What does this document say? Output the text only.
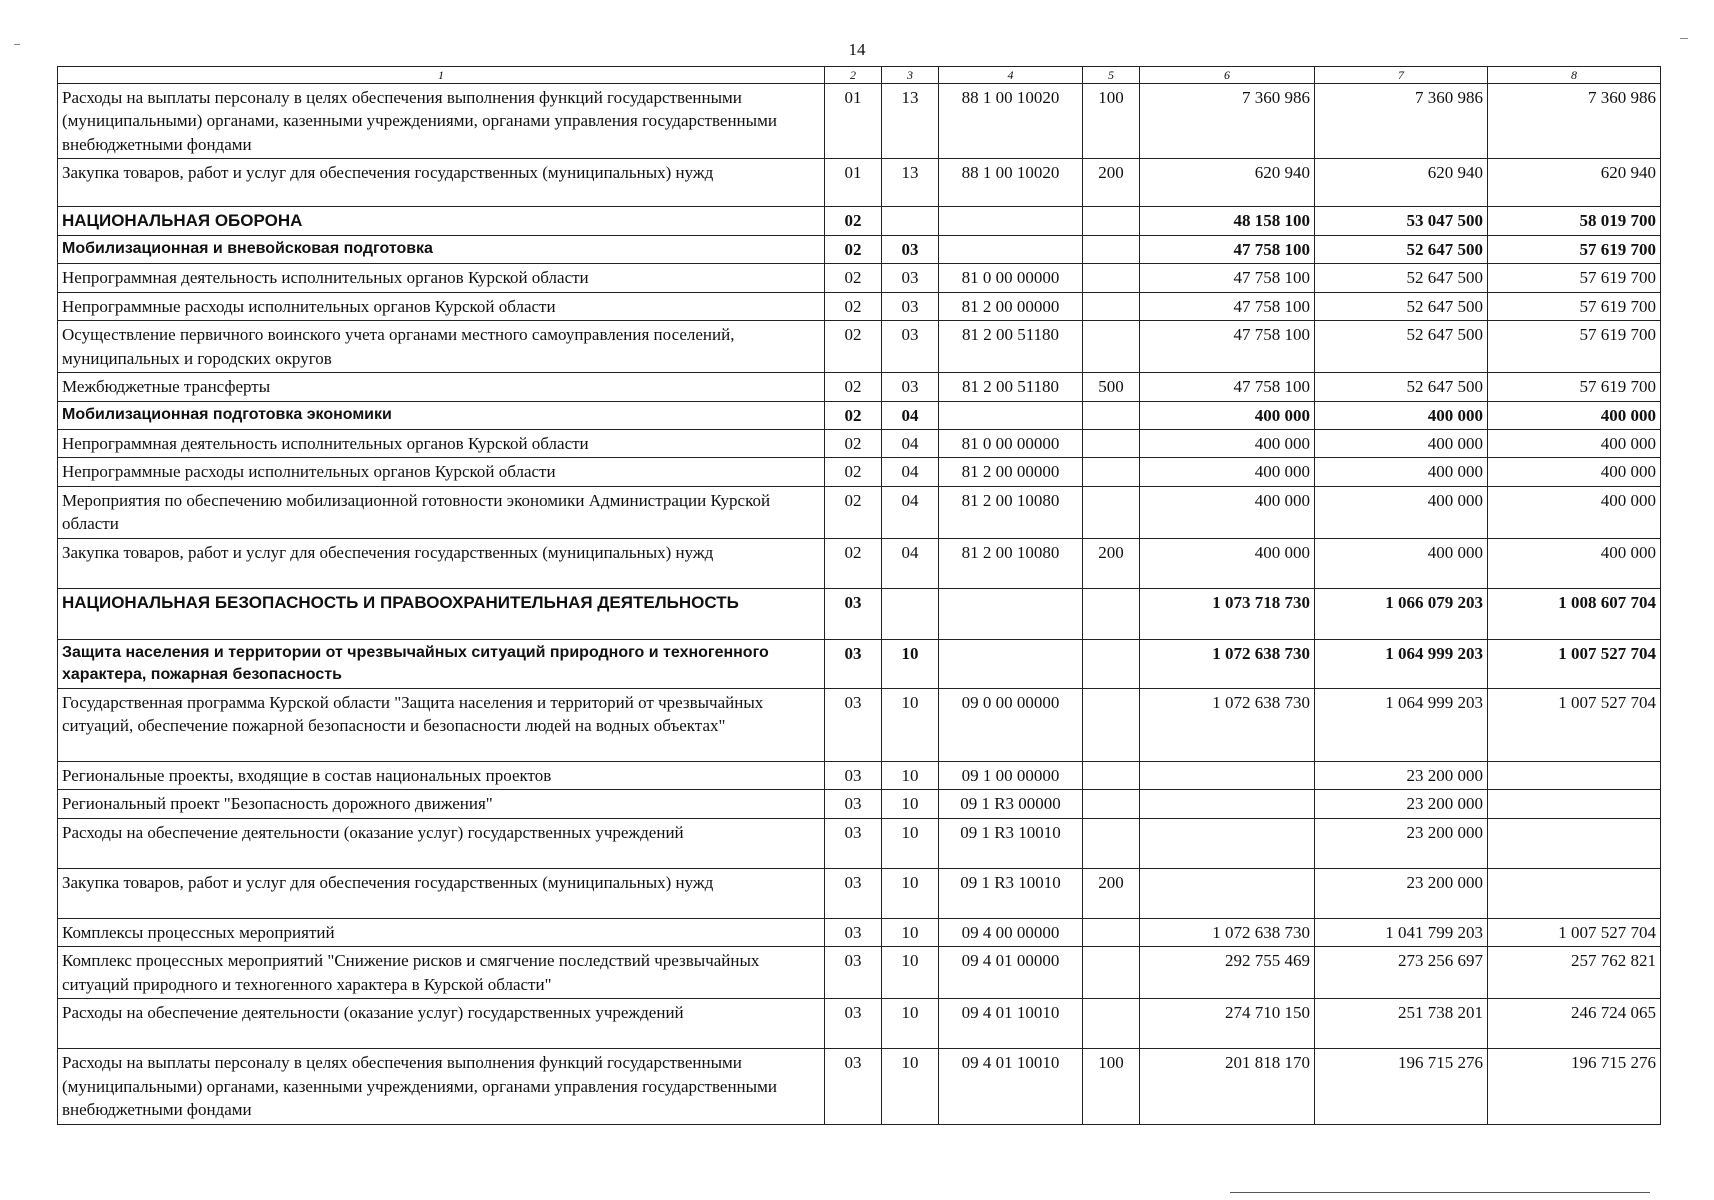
14
1	2	3	4	5	6	7	8
Расходы на выплаты персоналу в целях обеспечения выполнения функций государственными (муниципальными) органами, казенными учреждениями, органами управления государственными внебюджетными фондами	01	13	88 1 00 10020	100	7 360 986	7 360 986	7 360 986
Закупка товаров, работ и услуг для обеспечения государственных (муниципальных) нужд	01	13	88 1 00 10020	200	620 940	620 940	620 940
НАЦИОНАЛЬНАЯ ОБОРОНА	02				48 158 100	53 047 500	58 019 700
Мобилизационная и вневойсковая подготовка	02	03			47 758 100	52 647 500	57 619 700
Непрограммная деятельность исполнительных органов Курской области	02	03	81 0 00 00000		47 758 100	52 647 500	57 619 700
Непрограммные расходы исполнительных органов Курской области	02	03	81 2 00 00000		47 758 100	52 647 500	57 619 700
Осуществление первичного воинского учета органами местного самоуправления поселений, муниципальных и городских округов	02	03	81 2 00 51180		47 758 100	52 647 500	57 619 700
Межбюджетные трансферты	02	03	81 2 00 51180	500	47 758 100	52 647 500	57 619 700
Мобилизационная подготовка экономики	02	04			400 000	400 000	400 000
Непрограммная деятельность исполнительных органов Курской области	02	04	81 0 00 00000		400 000	400 000	400 000
Непрограммные расходы исполнительных органов Курской области	02	04	81 2 00 00000		400 000	400 000	400 000
Мероприятия по обеспечению мобилизационной готовности экономики Администрации Курской области	02	04	81 2 00 10080		400 000	400 000	400 000
Закупка товаров, работ и услуг для обеспечения государственных (муниципальных) нужд	02	04	81 2 00 10080	200	400 000	400 000	400 000
НАЦИОНАЛЬНАЯ БЕЗОПАСНОСТЬ И ПРАВООХРАНИТЕЛЬНАЯ ДЕЯТЕЛЬНОСТЬ	03				1 073 718 730	1 066 079 203	1 008 607 704
Защита населения и территории от чрезвычайных ситуаций природного и техногенного характера, пожарная безопасность	03	10			1 072 638 730	1 064 999 203	1 007 527 704
Государственная программа Курской области "Защита населения и территорий от чрезвычайных ситуаций, обеспечение пожарной безопасности и безопасности людей на водных объектах"	03	10	09 0 00 00000		1 072 638 730	1 064 999 203	1 007 527 704
Региональные проекты, входящие в состав национальных проектов	03	10	09 1 00 00000			23 200 000	
Региональный проект "Безопасность дорожного движения"	03	10	09 1 R3 00000			23 200 000	
Расходы на обеспечение деятельности (оказание услуг) государственных учреждений	03	10	09 1 R3 10010			23 200 000	
Закупка товаров, работ и услуг для обеспечения государственных (муниципальных) нужд	03	10	09 1 R3 10010	200		23 200 000	
Комплексы процессных мероприятий	03	10	09 4 00 00000		1 072 638 730	1 041 799 203	1 007 527 704
Комплекс процессных мероприятий "Снижение рисков и смягчение последствий чрезвычайных ситуаций природного и техногенного характера в Курской области"	03	10	09 4 01 00000		292 755 469	273 256 697	257 762 821
Расходы на обеспечение деятельности (оказание услуг) государственных учреждений	03	10	09 4 01 10010		274 710 150	251 738 201	246 724 065
Расходы на выплаты персоналу в целях обеспечения выполнения функций государственными (муниципальными) органами, казенными учреждениями, органами управления государственными внебюджетными фондами	03	10	09 4 01 10010	100	201 818 170	196 715 276	196 715 276
